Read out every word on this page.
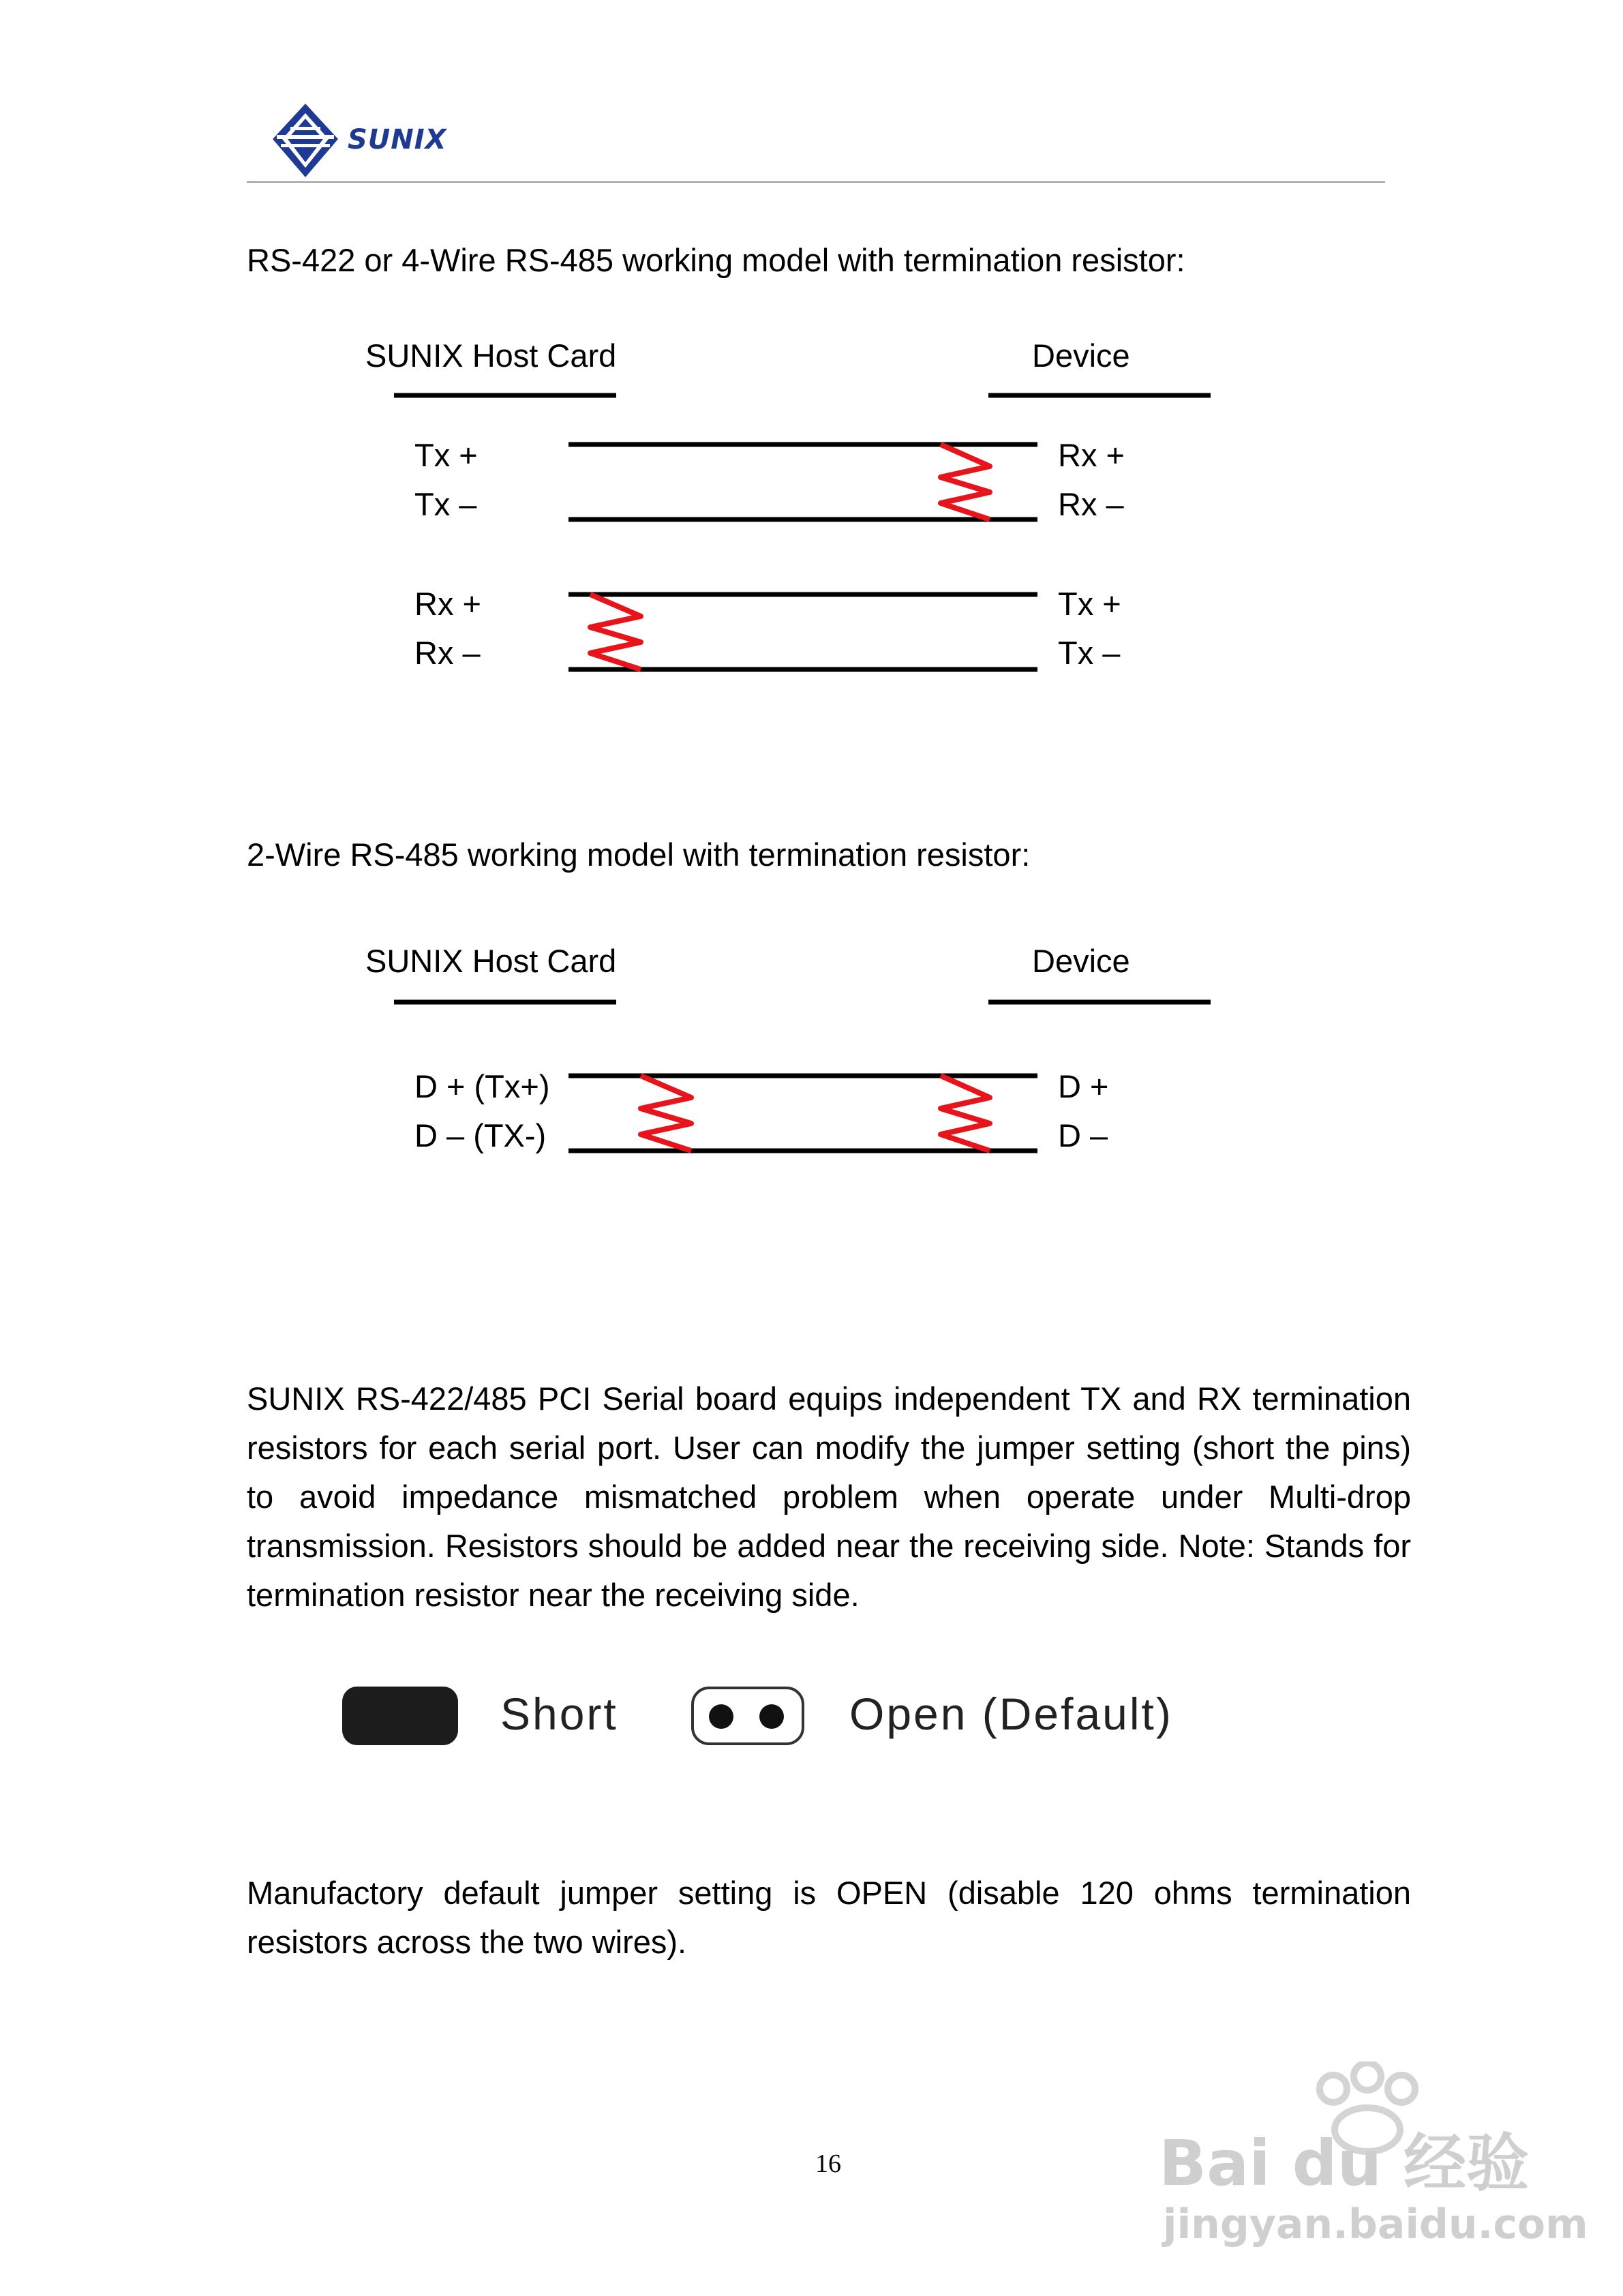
SUNIX
RS-422 or 4-Wire RS-485 working model with termination resistor:
SUNIX Host Card	Device
Tx +
Tx –
Rx +
Rx –
Rx +
Rx –
Tx +
Tx –
2-Wire RS-485 working model with termination resistor:
SUNIX Host Card	Device
D + (Tx+)
D – (TX-)
D +
D –
SUNIX RS-422/485 PCI Serial board equips independent TX and RX termination resistors for each serial port. User can modify the jumper setting (short the pins) to avoid impedance mismatched problem when operate under Multi-drop transmission. Resistors should be added near the receiving side. Note: Stands for termination resistor near the receiving side.
Short	Open (Default)
Manufactory default jumper setting is OPEN (disable 120 ohms termination resistors across the two wires).
16	Bai du 经验
jingyan.baidu.com
